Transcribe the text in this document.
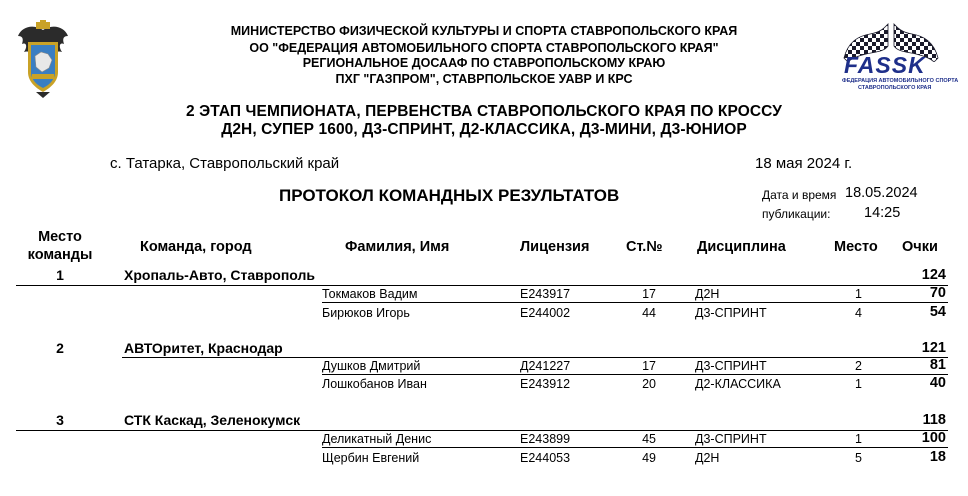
FASSK
ФЕДЕРАЦИЯ АВТОМОБИЛЬНОГО СПОРТА
СТАВРОПОЛЬСКОГО КРАЯ
МИНИСТЕРСТВО ФИЗИЧЕСКОЙ КУЛЬТУРЫ И СПОРТА СТАВРОПОЛЬСКОГО КРАЯ
ОО "ФЕДЕРАЦИЯ АВТОМОБИЛЬНОГО СПОРТА СТАВРОПОЛЬСКОГО КРАЯ"
РЕГИОНАЛЬНОЕ ДОСААФ ПО СТАВРОПОЛЬСКОМУ КРАЮ
ПХГ "ГАЗПРОМ", СТАВРПОЛЬСКОЕ УАВР И КРС
2 ЭТАП ЧЕМПИОНАТА, ПЕРВЕНСТВА СТАВРОПОЛЬСКОГО КРАЯ ПО КРОССУ
Д2Н, СУПЕР 1600, Д3-СПРИНТ, Д2-КЛАССИКА, Д3-МИНИ, Д3-ЮНИОР
с. Татарка, Ставропольский край	18 мая 2024 г.
ПРОТОКОЛ КОМАНДНЫХ РЕЗУЛЬТАТОВ	Дата и время 18.05.2024
публикации: 14:25
Место
команды	Команда, город	Фамилия, Имя	Лицензия	Ст.№ Дисциплина	Место Очки
1	Хропаль-Авто, Ставрополь	124
Токмаков Вадим	Е243917	17	Д2Н	1	70
Бирюков Игорь	Е244002	44	Д3-СПРИНТ	4	54
2	АВТОритет, Краснодар	121
Душков Дмитрий	Д241227	17	Д3-СПРИНТ	2	81
Лошкобанов Иван	Е243912	20	Д2-КЛАССИКА	1	40
3	СТК Каскад, Зеленокумск	118
Деликатный Денис	Е243899	45	Д3-СПРИНТ	1	100
Щербин Евгений	Е244053	49	Д2Н	5	18
